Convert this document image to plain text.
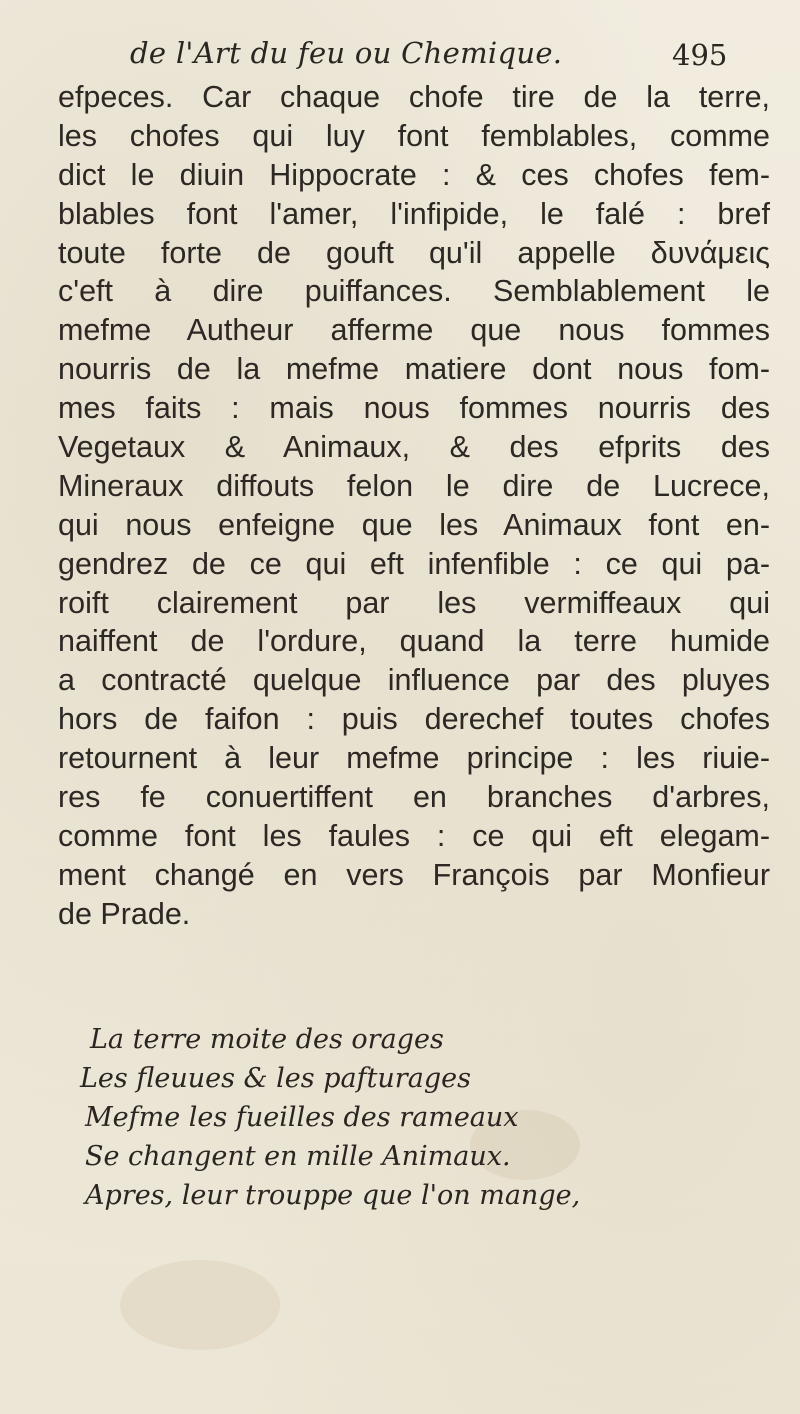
de l'Art du feu ou Chemique.	495
efpeces. Car chaque chofe tire de la terre,
les chofes qui luy font femblables, comme
dict le diuin Hippocrate : & ces chofes fem-
blables font l'amer, l'infipide, le falé : bref
toute forte de gouft qu'il appelle δυνάμεις
c'eft à dire puiffances. Semblablement le
mefme Autheur afferme que nous fommes
nourris de la mefme matiere dont nous fom-
mes faits : mais nous fommes nourris des
Vegetaux & Animaux, & des efprits des
Mineraux diffouts felon le dire de Lucrece,
qui nous enfeigne que les Animaux font en-
gendrez de ce qui eft infenfible : ce qui pa-
roift clairement par les vermiffeaux qui
naiffent de l'ordure, quand la terre humide
a contracté quelque influence par des pluyes
hors de faifon : puis derechef toutes chofes
retournent à leur mefme principe : les riuie-
res fe conuertiffent en branches d'arbres,
comme font les faules : ce qui eft elegam-
ment changé en vers François par Monfieur
de Prade.
La terre moite des orages
Les fleuues & les pafturages
Mefme les fueilles des rameaux
Se changent en mille Animaux.
Apres, leur trouppe que l'on mange,
